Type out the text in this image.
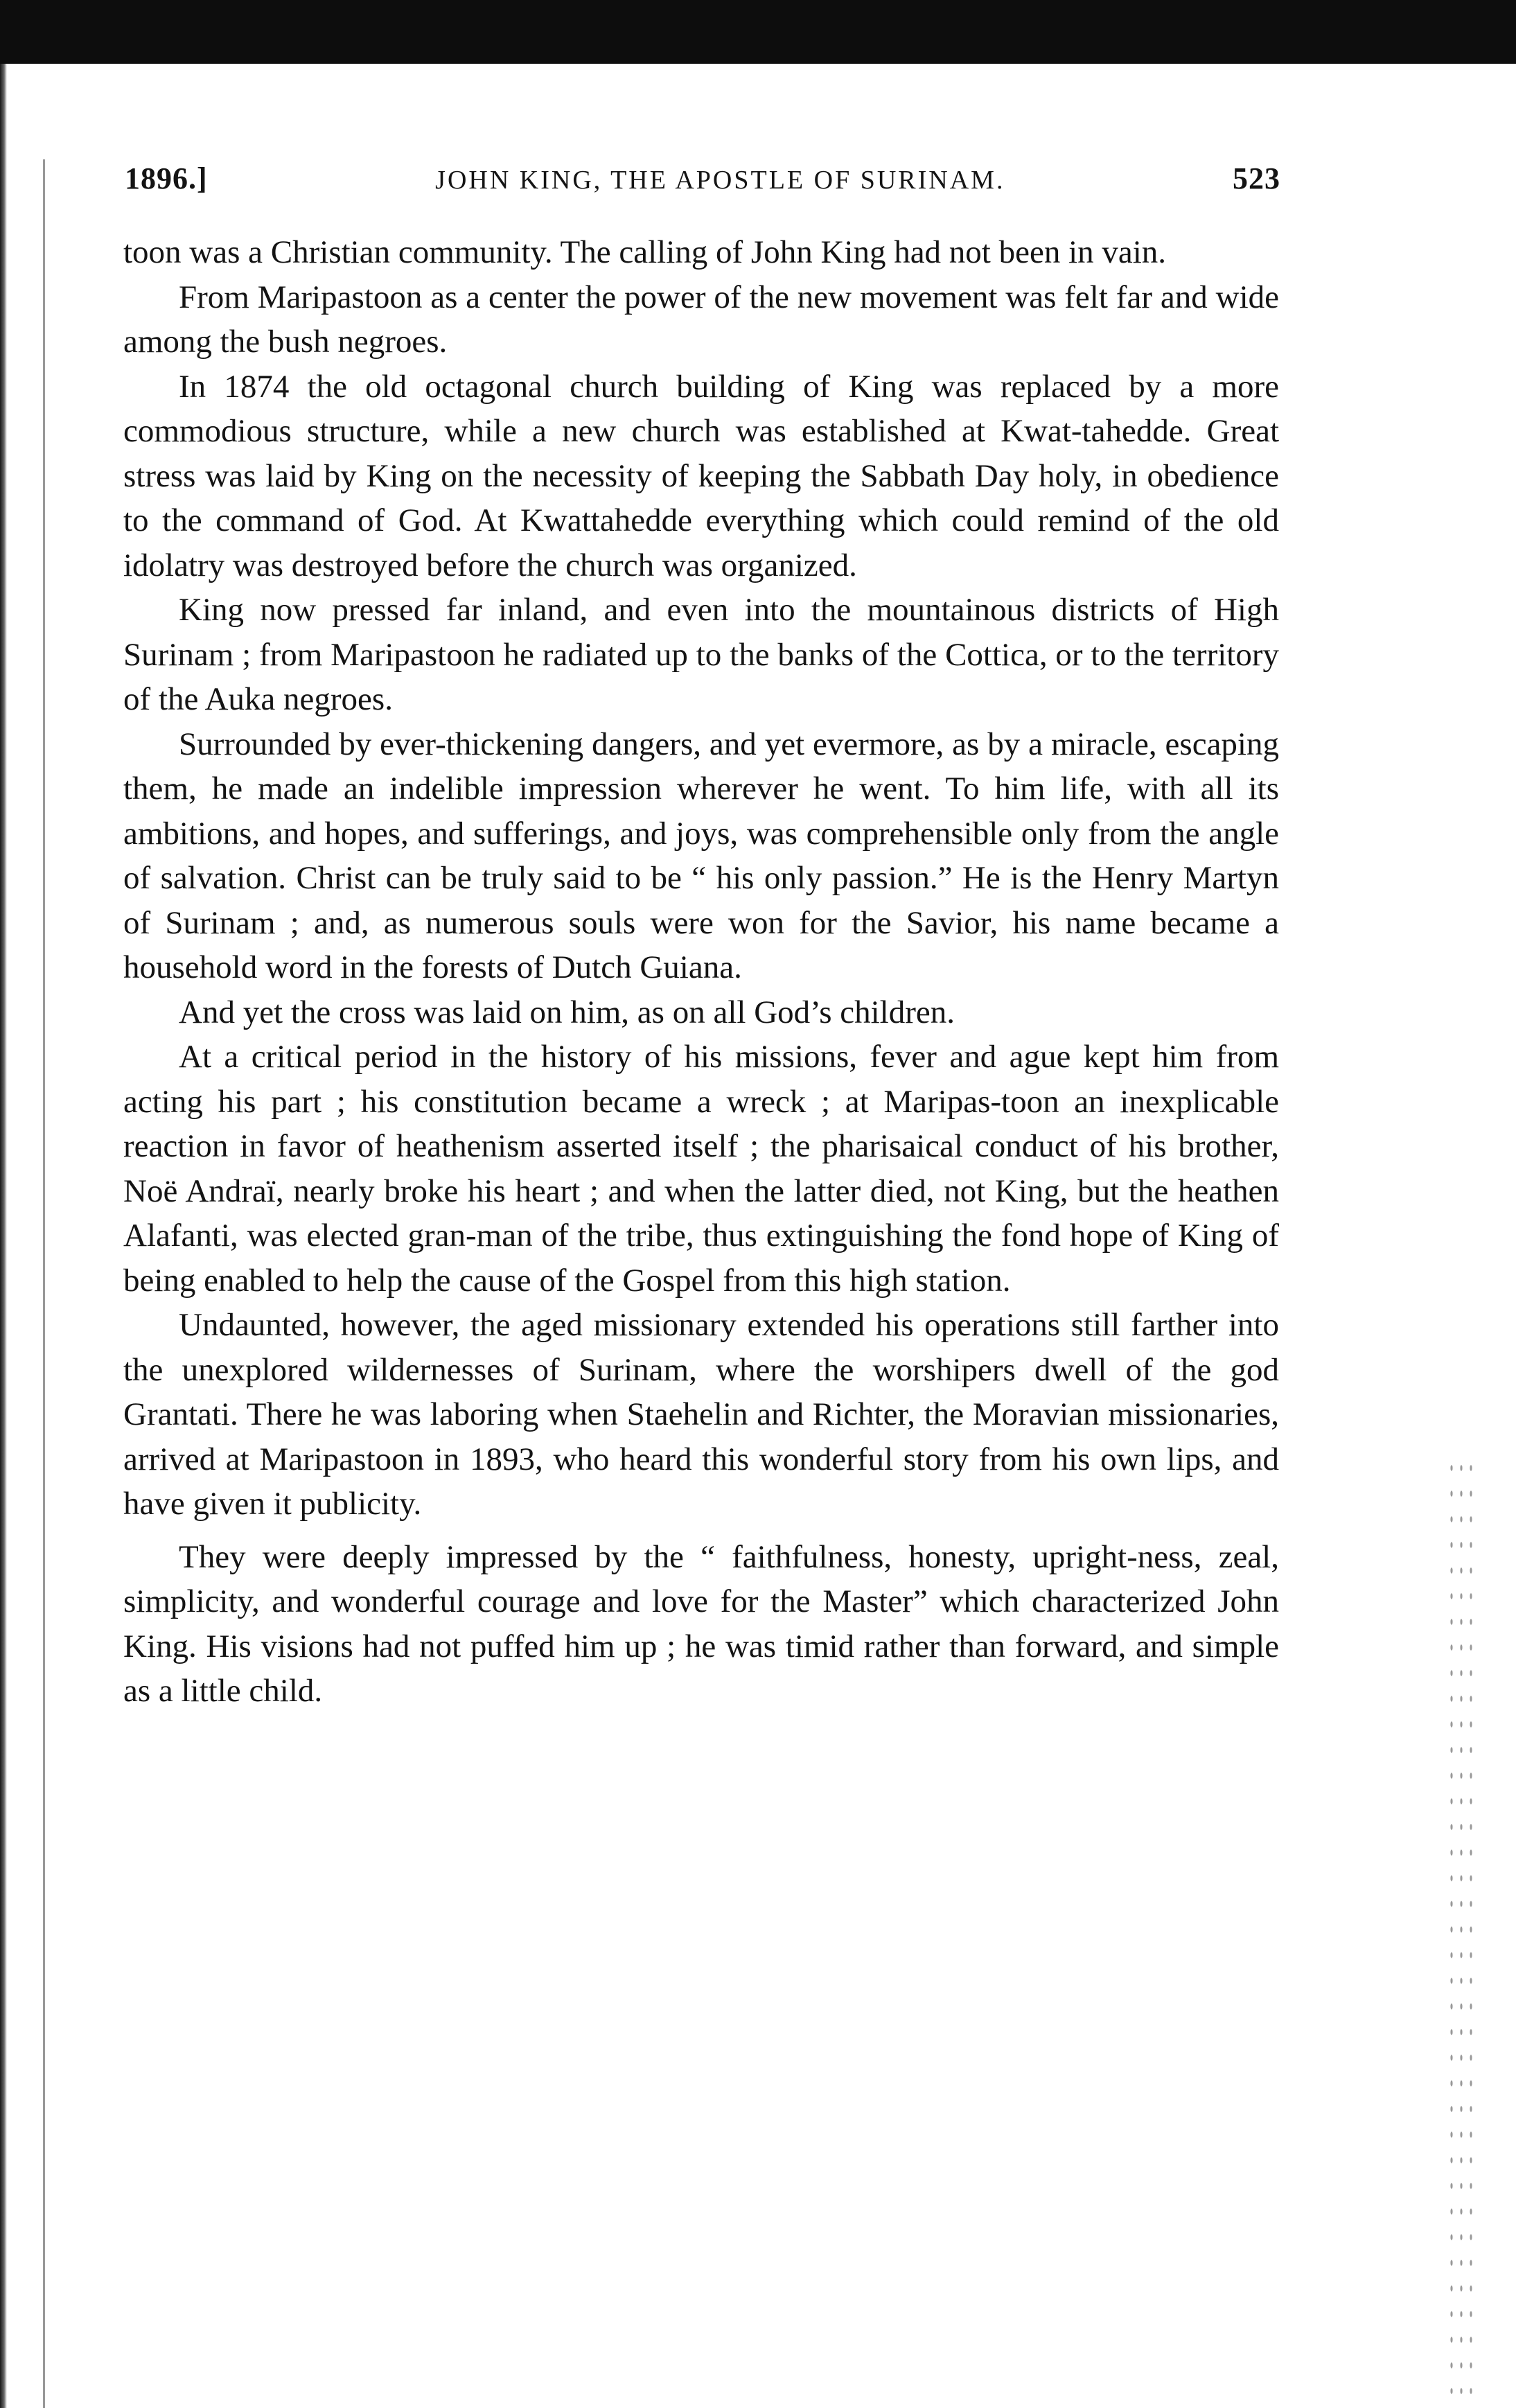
1896.]	JOHN KING, THE APOSTLE OF SURINAM.	523

toon was a Christian community. The calling of John King had not been in vain.

From Maripastoon as a center the power of the new movement was felt far and wide among the bush negroes.

In 1874 the old octagonal church building of King was replaced by a more commodious structure, while a new church was established at Kwat-tahedde. Great stress was laid by King on the necessity of keeping the Sabbath Day holy, in obedience to the command of God. At Kwattahedde everything which could remind of the old idolatry was destroyed before the church was organized.

King now pressed far inland, and even into the mountainous districts of High Surinam ; from Maripastoon he radiated up to the banks of the Cottica, or to the territory of the Auka negroes.

Surrounded by ever-thickening dangers, and yet evermore, as by a miracle, escaping them, he made an indelible impression wherever he went. To him life, with all its ambitions, and hopes, and sufferings, and joys, was comprehensible only from the angle of salvation. Christ can be truly said to be “ his only passion.” He is the Henry Martyn of Surinam ; and, as numerous souls were won for the Savior, his name became a household word in the forests of Dutch Guiana.

And yet the cross was laid on him, as on all God’s children.

At a critical period in the history of his missions, fever and ague kept him from acting his part ; his constitution became a wreck ; at Maripas-toon an inexplicable reaction in favor of heathenism asserted itself ; the pharisaical conduct of his brother, Noë Andraï, nearly broke his heart ; and when the latter died, not King, but the heathen Alafanti, was elected gran-man of the tribe, thus extinguishing the fond hope of King of being enabled to help the cause of the Gospel from this high station.

Undaunted, however, the aged missionary extended his operations still farther into the unexplored wildernesses of Surinam, where the worshipers dwell of the god Grantati. There he was laboring when Staehelin and Richter, the Moravian missionaries, arrived at Maripastoon in 1893, who heard this wonderful story from his own lips, and have given it publicity.

They were deeply impressed by the “ faithfulness, honesty, upright-ness, zeal, simplicity, and wonderful courage and love for the Master” which characterized John King. His visions had not puffed him up ; he was timid rather than forward, and simple as a little child.
